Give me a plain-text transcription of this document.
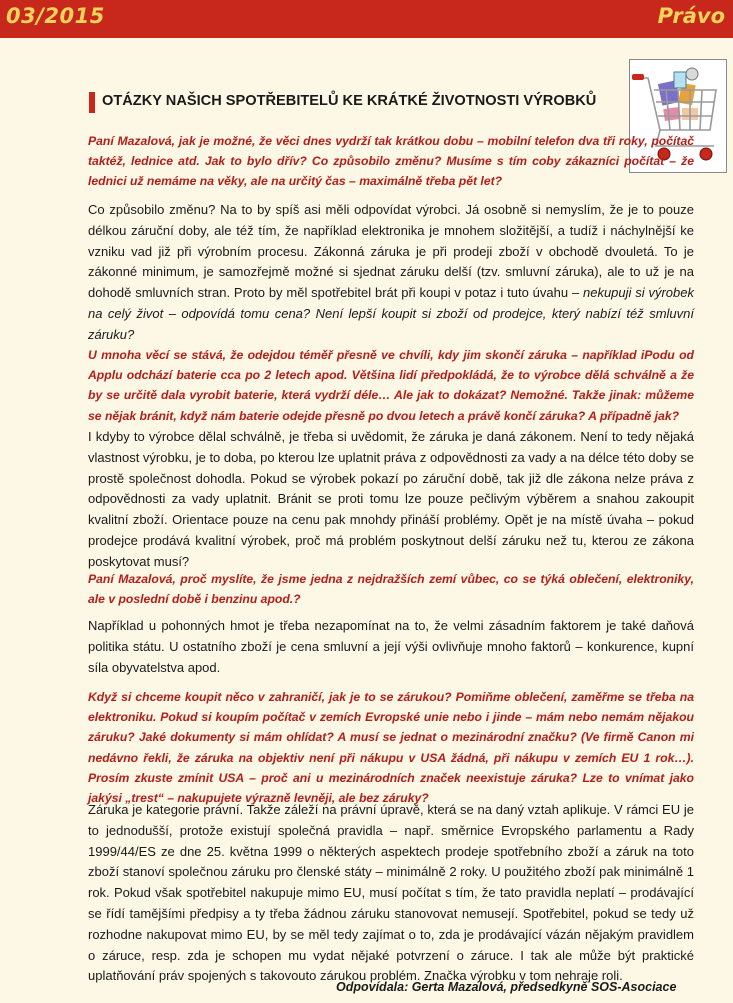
03/2015	Právo
OTÁZKY NAŠICH SPOTŘEBITELŮ KE KRÁTKÉ ŽIVOTNOSTI VÝROBKŮ

Paní Mazalová, jak je možné, že věci dnes vydrží tak krátkou dobu – mobilní telefon dva tři roky, počítač taktéž, lednice atd. Jak to bylo dřív? Co způsobilo změnu? Musíme s tím coby zákazníci počítat – že lednici už nemáme na věky, ale na určitý čas – maximálně třeba pět let?

Co způsobilo změnu? Na to by spíš asi měli odpovídat výrobci. Já osobně si nemyslím, že je to pouze délkou záruční doby, ale též tím, že například elektronika je mnohem složitější, a tudíž i náchylnější ke vzniku vad již při výrobním procesu. Zákonná záruka je při prodeji zboží v obchodě dvouletá. To je zákonné minimum, je samozřejmě možné si sjednat záruku delší (tzv. smluvní záruka), ale to už je na dohodě smluvních stran. Proto by měl spotřebitel brát při koupi v potaz i tuto úvahu – nekupuji si výrobek na celý život – odpovídá tomu cena? Není lepší koupit si zboží od prodejce, který nabízí též smluvní záruku?

U mnoha věcí se stává, že odejdou téměř přesně ve chvíli, kdy jim skončí záruka – například iPodu od Applu odchází baterie cca po 2 letech apod. Většina lidí předpokládá, že to výrobce dělá schválně a že by se určitě dala vyrobit baterie, která vydrží déle… Ale jak to dokázat? Nemožné. Takže jinak: můžeme se nějak bránit, když nám baterie odejde přesně po dvou letech a právě končí záruka? A případně jak?

I kdyby to výrobce dělal schválně, je třeba si uvědomit, že záruka je daná zákonem. Není to tedy nějaká vlastnost výrobku, je to doba, po kterou lze uplatnit práva z odpovědnosti za vady a na délce této doby se prostě společnost dohodla. Pokud se výrobek pokazí po záruční době, tak již dle zákona nelze práva z odpovědnosti za vady uplatnit. Bránit se proti tomu lze pouze pečlivým výběrem a snahou zakoupit kvalitní zboží. Orientace pouze na cenu pak mnohdy přináší problémy. Opět je na místě úvaha – pokud prodejce prodává kvalitní výrobek, proč má problém poskytnout delší záruku než tu, kterou ze zákona poskytovat musí?

Paní Mazalová, proč myslíte, že jsme jedna z nejdražších zemí vůbec, co se týká oblečení, elektroniky, ale v poslední době i benzinu apod.?

Například u pohonných hmot je třeba nezapomínat na to, že velmi zásadním faktorem je také daňová politika státu. U ostatního zboží je cena smluvní a její výši ovlivňuje mnoho faktorů – konkurence, kupní síla obyvatelstva apod.

Když si chceme koupit něco v zahraničí, jak je to se zárukou? Pomiňme oblečení, zaměřme se třeba na elektroniku. Pokud si koupím počítač v zemích Evropské unie nebo i jinde – mám nebo nemám nějakou záruku? Jaké dokumenty si mám ohlídat? A musí se jednat o mezinárodní značku? (Ve firmě Canon mi nedávno řekli, že záruka na objektiv není při nákupu v USA žádná, při nákupu v zemích EU 1 rok…). Prosím zkuste zmínit USA – proč ani u mezinárodních značek neexistuje záruka? Lze to vnímat jako jakýsi „trest“ – nakupujete výrazně levněji, ale bez záruky?

Záruka je kategorie právní. Takže záleží na právní úpravě, která se na daný vztah aplikuje. V rámci EU je to jednodušší, protože existují společná pravidla – např. směrnice Evropského parlamentu a Rady 1999/44/ES ze dne 25. května 1999 o některých aspektech prodeje spotřebního zboží a záruk na toto zboží stanoví společnou záruku pro členské státy – minimálně 2 roky. U použitého zboží pak minimálně 1 rok. Pokud však spotřebitel nakupuje mimo EU, musí počítat s tím, že tato pravidla neplatí – prodávající se řídí tamějšími předpisy a ty třeba žádnou záruku stanovovat nemusejí. Spotřebitel, pokud se tedy už rozhodne nakupovat mimo EU, by se měl tedy zajímat o to, zda je prodávající vázán nějakým pravidlem o záruce, resp. zda je schopen mu vydat nějaké potvrzení o záruce. I tak ale může být praktické uplatňování práv spojených s takovouto zárukou problém. Značka výrobku v tom nehraje roli.

Odpovídala: Gerta Mazalová, předsedkyně SOS-Asociace
